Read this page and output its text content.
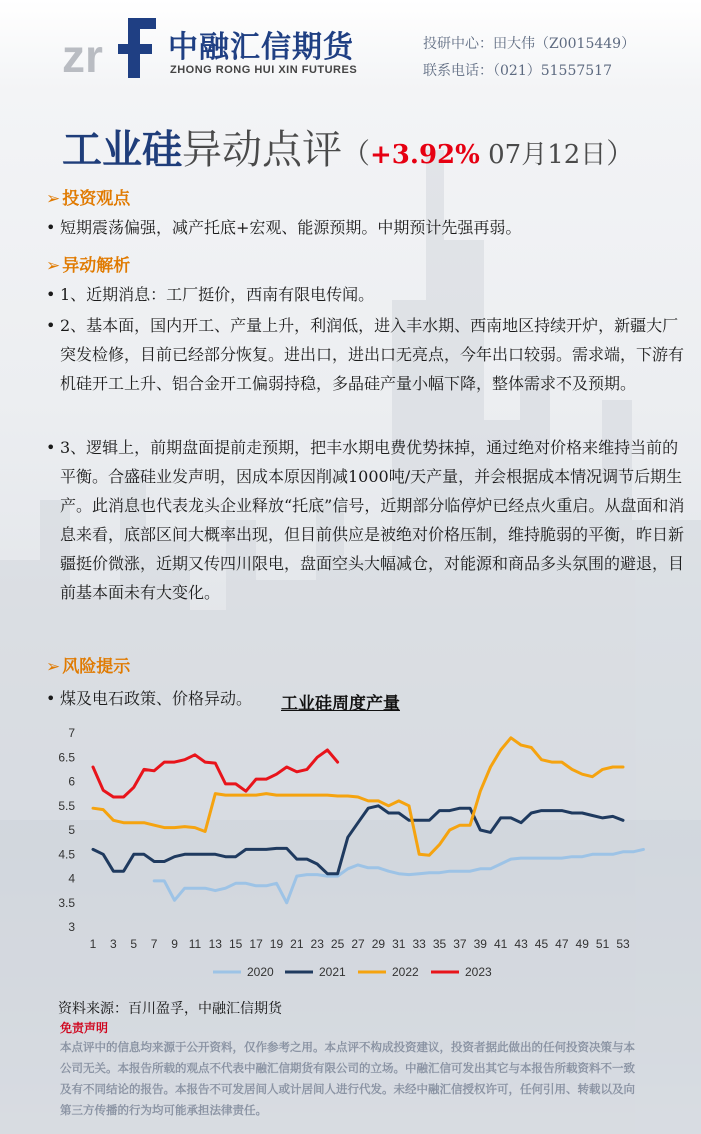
zr 中融汇信期货
ZHONG RONG HUI XIN FUTURES
投研中心：田大伟（Z0015449）
联系电话：（021）51557517
工业硅异动点评（+3.92% 07月12日）
➢ 投资观点
• 短期震荡偏强，减产托底+宏观、能源预期。中期预计先强再弱。
➢ 异动解析
• 1、近期消息：工厂挺价，西南有限电传闻。
• 2、基本面，国内开工、产量上升，利润低，进入丰水期、西南地区持续开炉，新疆大厂突发检修，目前已经部分恢复。进出口，进出口无亮点，今年出口较弱。需求端，下游有机硅开工上升、铝合金开工偏弱持稳，多晶硅产量小幅下降，整体需求不及预期。
• 3、逻辑上，前期盘面提前走预期，把丰水期电费优势抹掉，通过绝对价格来维持当前的平衡。合盛硅业发声明，因成本原因削减1000吨/天产量，并会根据成本情况调节后期生产。此消息也代表龙头企业释放“托底”信号，近期部分临停炉已经点火重启。从盘面和消息来看，底部区间大概率出现，但目前供应是被绝对价格压制，维持脆弱的平衡，昨日新疆挺价微涨，近期又传四川限电，盘面空头大幅减仓，对能源和商品多头氛围的避退，目前基本面未有大变化。
➢ 风险提示
• 煤及电石政策、价格异动。	工业硅周度产量
3
3.5
4
4.5
5
5.5
6
6.5
7
1 3 5 7 9 11 13 15 17 19 21 23 25 27 29 31 33 35 37 39 41 43 45 47 49 51 53
2020	2021	2022	2023
资料来源：百川盈孚，中融汇信期货
免责声明
本点评中的信息均来源于公开资料，仅作参考之用。本点评不构成投资建议，投资者据此做出的任何投资决策与本公司无关。本报告所载的观点不代表中融汇信期货有限公司的立场。中融汇信可发出其它与本报告所载资料不一致及有不同结论的报告。本报告不可发居间人或计居间人进行代发。未经中融汇信授权许可，任何引用、转载以及向第三方传播的行为均可能承担法律责任。
